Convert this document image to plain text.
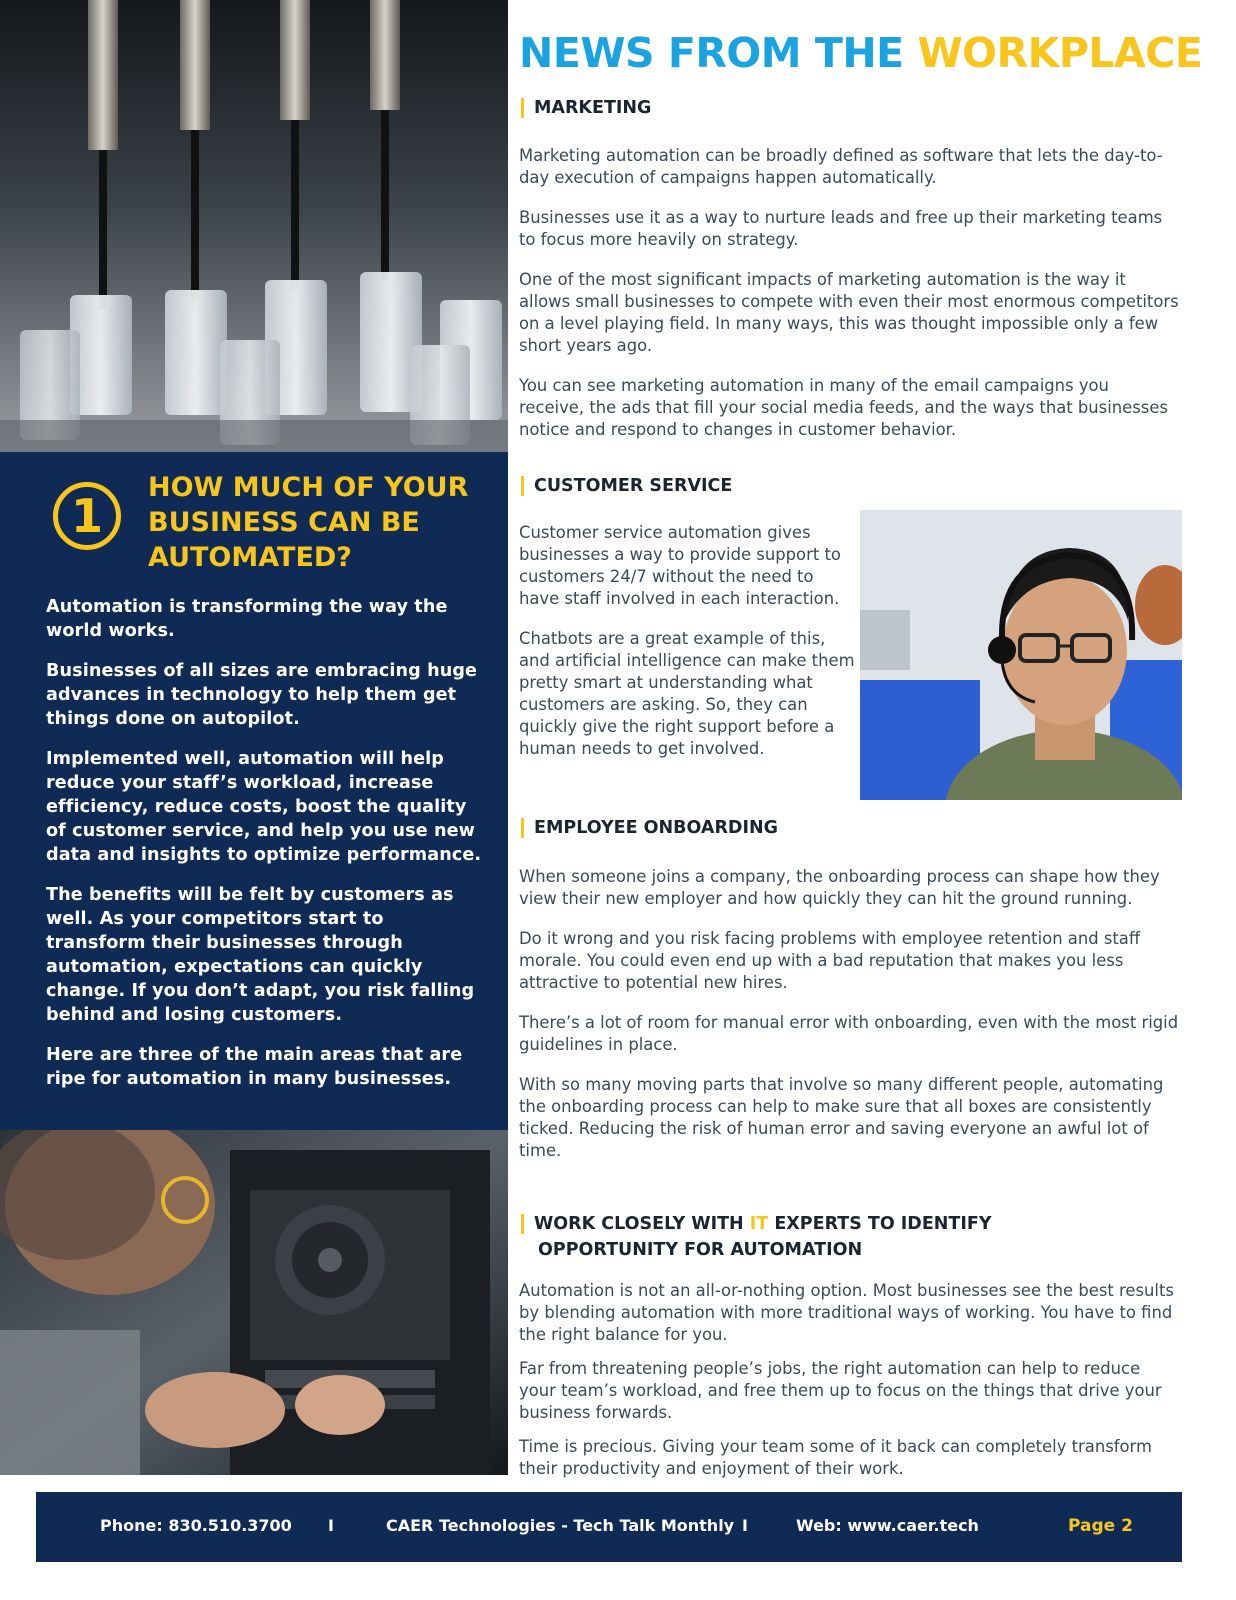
1
HOW MUCH OF YOUR BUSINESS CAN BE AUTOMATED?

Automation is transforming the way the world works.

Businesses of all sizes are embracing huge advances in technology to help them get things done on autopilot.

Implemented well, automation will help reduce your staff’s workload, increase efficiency, reduce costs, boost the quality of customer service, and help you use new data and insights to optimize performance.

The benefits will be felt by customers as well. As your competitors start to transform their businesses through automation, expectations can quickly change. If you don’t adapt, you risk falling behind and losing customers.

Here are three of the main areas that are ripe for automation in many businesses.

NEWS FROM THE WORKPLACE
MARKETING

Marketing automation can be broadly defined as software that lets the day-to-day execution of campaigns happen automatically.

Businesses use it as a way to nurture leads and free up their marketing teams to focus more heavily on strategy.

One of the most significant impacts of marketing automation is the way it allows small businesses to compete with even their most enormous competitors on a level playing field. In many ways, this was thought impossible only a few short years ago.

You can see marketing automation in many of the email campaigns you receive, the ads that fill your social media feeds, and the ways that businesses notice and respond to changes in customer behavior.

CUSTOMER SERVICE

Customer service automation gives businesses a way to provide support to customers 24/7 without the need to have staff involved in each interaction.

Chatbots are a great example of this, and artificial intelligence can make them pretty smart at understanding what customers are asking. So, they can quickly give the right support before a human needs to get involved.

EMPLOYEE ONBOARDING

When someone joins a company, the onboarding process can shape how they view their new employer and how quickly they can hit the ground running.

Do it wrong and you risk facing problems with employee retention and staff morale. You could even end up with a bad reputation that makes you less attractive to potential new hires.

There’s a lot of room for manual error with onboarding, even with the most rigid guidelines in place.

With so many moving parts that involve so many different people, automating the onboarding process can help to make sure that all boxes are consistently ticked. Reducing the risk of human error and saving everyone an awful lot of time.

WORK CLOSELY WITH IT EXPERTS TO IDENTIFY
OPPORTUNITY FOR AUTOMATION

Automation is not an all-or-nothing option. Most businesses see the best results by blending automation with more traditional ways of working. You have to find the right balance for you.

Far from threatening people’s jobs, the right automation can help to reduce your team’s workload, and free them up to focus on the things that drive your business forwards.

Time is precious. Giving your team some of it back can completely transform their productivity and enjoyment of their work.

Phone: 830.510.3700 I	CAER Technologies - Tech Talk Monthly I	Web: www.caer.tech	Page 2
